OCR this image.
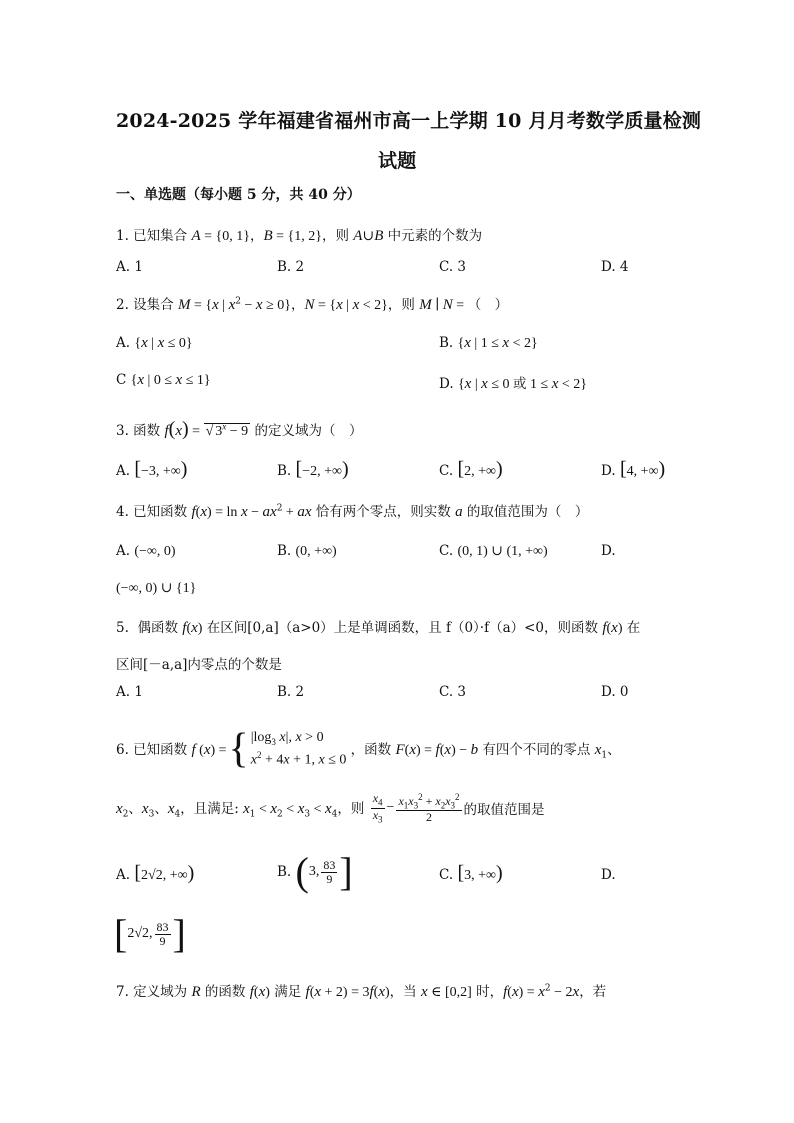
2024-2025 学年福建省福州市高一上学期 10 月月考数学质量检测
试题
一、单选题（每小题 5 分，共 40 分）
1. 已知集合 A = {0, 1}，B = {1, 2}，则 A∪B 中元素的个数为
A. 1	B. 2	C. 3	D. 4
2. 设集合 M = {x | $x^2 - x \ge 0$}，N = {x | x < 2}，则 M ∣ N = （　）
A. {x | x ≤ 0}	B. {x | 1 ≤ x < 2}
C {x | 0 ≤ x ≤ 1}	D. {x | x ≤ 0 或 1 ≤ x < 2}
3. 函数 f(x) = √ $3^x - 9$ 的定义域为（　）
A. [−3, +∞)	B. [−2, +∞)	C. [2, +∞)	D. [4, +∞)
4. 已知函数 $f(x) = \ln x - ax^2$ + ax 恰有两个零点，则实数 a 的取值范围为（　）
A. (−∞, 0)	B. (0, +∞)	C. (0, 1) ∪ (1, +∞)	D.
(−∞, 0) ∪ {1}
5.  偶函数 f(x) 在区间[0,a]（a>0）上是单调函数，且 f（0）·f（a）<0，则函数 f(x) 在
区间[－a,a]内零点的个数是
A. 1	B. 2	C. 3	D. 0
6. 已知函数 f (x) = { $|\log_3$ x|, x > 0
$x^2 + 4x + 1$, x ≤ 0
，函数 F(x) = f(x) − b 有四个不同的零点 $x_1$、
$x_2$、$x_3$、$x_4$，且满足: $x_1 < x_2 < x_3 < x_4$，则 $\frac{x_4}{x_3} - \frac{x_1x_3^2 + x_2x_3^2}{2}$ 的取值范围是
A. [2√2, +∞)	B. ( 3, $\frac{83}{9}$ ]	C. [3, +∞)	D.
[ 2√2, $\frac{83}{9}$ ]
7. 定义域为 R 的函数 f(x) 满足 f(x + 2) = 3f(x)，当 x ∈ [0,2] 时，$f(x) = x^2 - 2x$，若
